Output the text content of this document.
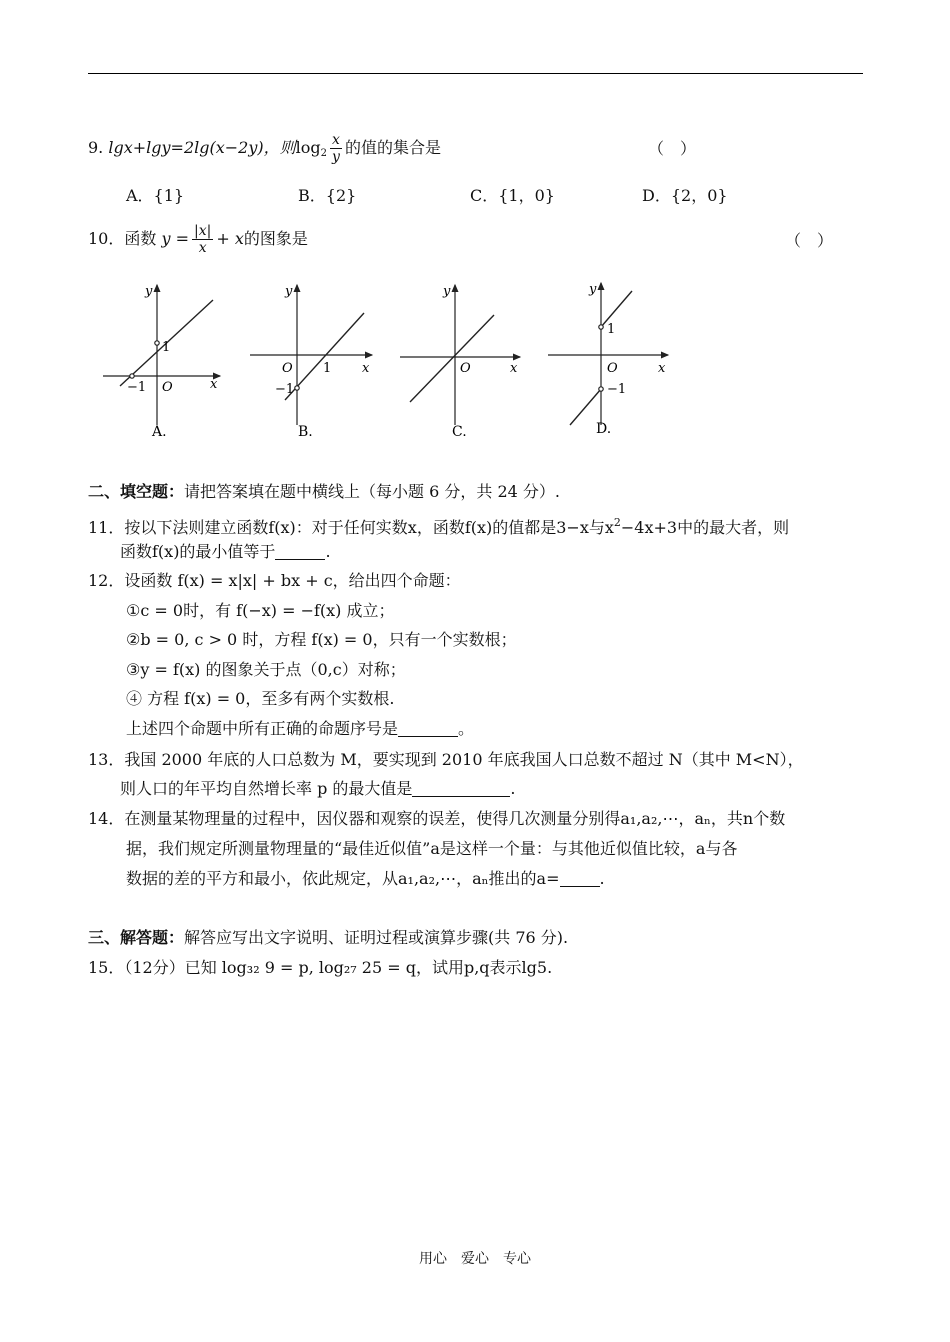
9. lgx+lgy=2lg(x−2y)，则$\log_2 \frac{x}{y}$ 的值的集合是	（　）
A．{1}	B．{2}	C．{1，0}	D．{2，0}
10．函数 $y = \frac{|x|}{x} + x$的图象是	（　）
y
x
1
−1 O
A.
y
x
O 1
−1
B.
y
x
O
C.
y
x
O
1
−1
D.
二、填空题：请把答案填在题中横线上（每小题 6 分，共 24 分）.
11．按以下法则建立函数f(x)：对于任何实数x，函数f(x)的值都是3−x与$x^2-4x+3$中的最大者，则
函数f(x)的最小值等于	.
12．设函数 f(x) = x|x| + bx + c，给出四个命题：
①c = 0时，有 f(−x) = −f(x) 成立；
②b = 0, c > 0 时，方程 f(x) = 0，只有一个实数根；
③y = f(x) 的图象关于点（0,c）对称；
④ 方程 f(x) = 0，至多有两个实数根.
上述四个命题中所有正确的命题序号是	。
13．我国 2000 年底的人口总数为 M，要实现到 2010 年底我国人口总数不超过 N（其中 M<N），
则人口的年平均自然增长率 p 的最大值是	.
14．在测量某物理量的过程中，因仪器和观察的误差，使得几次测量分别得a₁,a₂,⋯，aₙ，共n个数
据，我们规定所测量物理量的“最佳近似值”a是这样一个量：与其他近似值比较，a与各
数据的差的平方和最小，依此规定，从a₁,a₂,⋯，aₙ推出的a=	.
三、解答题：解答应写出文字说明、证明过程或演算步骤(共 76 分).
15．（12分）已知 log₃₂ 9 = p, log₂₇ 25 = q，试用p,q表示lg5.
用心　爱心　专心
